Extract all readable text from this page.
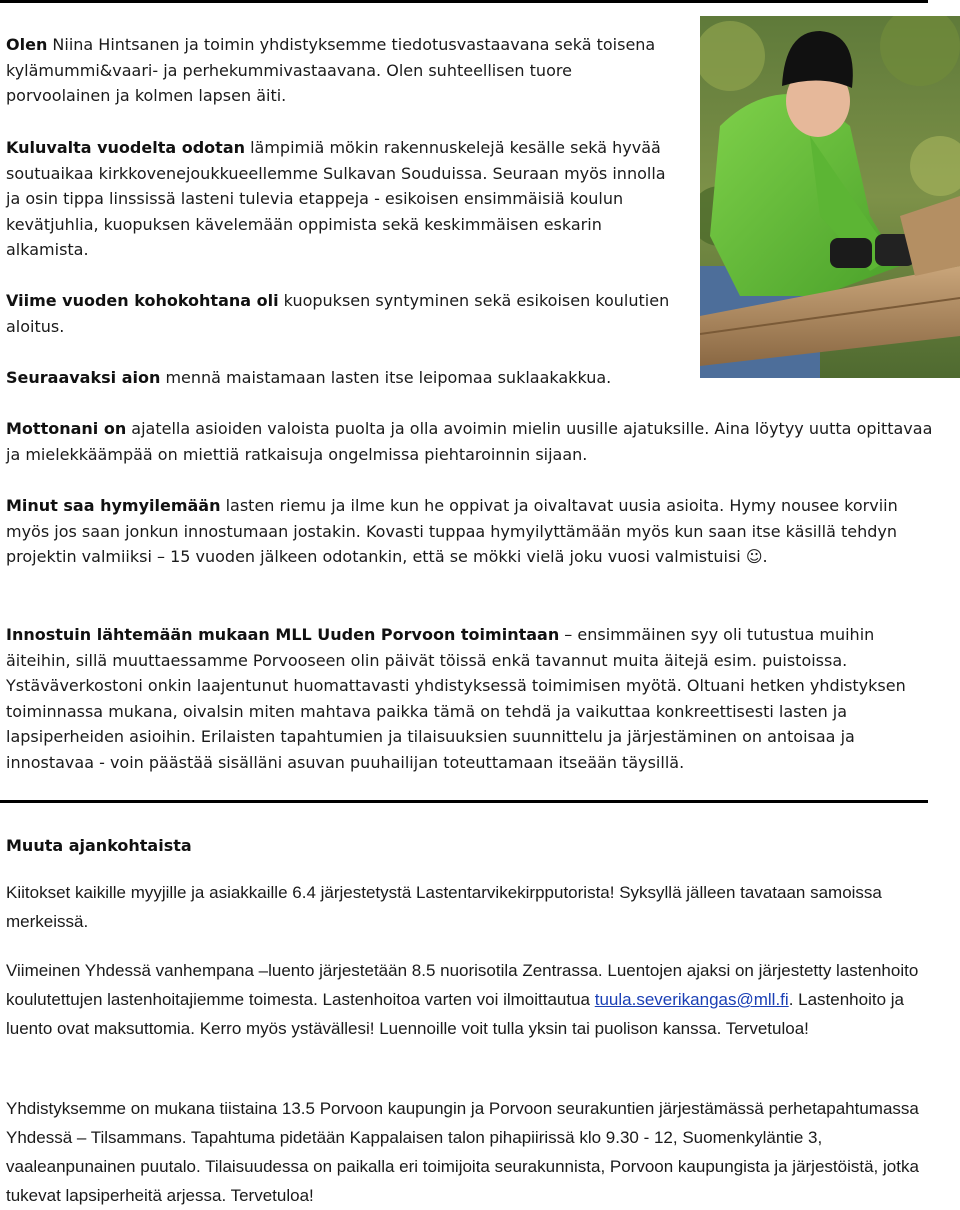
Olen Niina Hintsanen ja toimin yhdistyksemme tiedotusvastaavana sekä toisena kylämummi&vaari- ja perhekummivastaavana. Olen suhteellisen tuore porvoolainen ja kolmen lapsen äiti.

Kuluvalta vuodelta odotan lämpimiä mökin rakennuskelejä kesälle sekä hyvää soutuaikaa kirkkovenejoukkueellemme Sulkavan Souduissa. Seuraan myös innolla ja osin tippa linssissä lasteni tulevia etappeja - esikoisen ensimmäisiä koulun kevätjuhlia, kuopuksen kävelemään oppimista sekä keskimmäisen eskarin alkamista.

Viime vuoden kohokohtana oli kuopuksen syntyminen sekä esikoisen koulutien aloitus.

Seuraavaksi aion mennä maistamaan lasten itse leipomaa suklaakakkua.

Mottonani on ajatella asioiden valoista puolta ja olla avoimin mielin uusille ajatuksille. Aina löytyy uutta opittavaa ja mielekkäämpää on miettiä ratkaisuja ongelmissa piehtaroinnin sijaan.

Minut saa hymyilemään lasten riemu ja ilme kun he oppivat ja oivaltavat uusia asioita. Hymy nousee korviin myös jos saan jonkun innostumaan jostakin. Kovasti tuppaa hymyilyttämään myös kun saan itse käsillä tehdyn projektin valmiiksi – 15 vuoden jälkeen odotankin, että se mökki vielä joku vuosi valmistuisi ☺.

Innostuin lähtemään mukaan MLL Uuden Porvoon toimintaan – ensimmäinen syy oli tutustua muihin äiteihin, sillä muuttaessamme Porvooseen olin päivät töissä enkä tavannut muita äitejä esim. puistoissa. Ystäväverkostoni onkin laajentunut huomattavasti yhdistyksessä toimimisen myötä. Oltuani hetken yhdistyksen toiminnassa mukana, oivalsin miten mahtava paikka tämä on tehdä ja vaikuttaa konkreettisesti lasten ja lapsiperheiden asioihin. Erilaisten tapahtumien ja tilaisuuksien suunnittelu ja järjestäminen on antoisaa ja innostavaa - voin päästää sisälläni asuvan puuhailijan toteuttamaan itseään täysillä.

Muuta ajankohtaista

Kiitokset kaikille myyjille ja asiakkaille 6.4 järjestetystä Lastentarvikekirpputorista! Syksyllä jälleen tavataan samoissa merkeissä.

Viimeinen Yhdessä vanhempana –luento järjestetään 8.5 nuorisotila Zentrassa. Luentojen ajaksi on järjestetty lastenhoito koulutettujen lastenhoitajiemme toimesta. Lastenhoitoa varten voi ilmoittautua tuula.severikangas@mll.fi. Lastenhoito ja luento ovat maksuttomia. Kerro myös ystävällesi! Luennoille voit tulla yksin tai puolison kanssa. Tervetuloa!

Yhdistyksemme on mukana tiistaina 13.5 Porvoon kaupungin ja Porvoon seurakuntien järjestämässä perhetapahtumassa Yhdessä – Tilsammans. Tapahtuma pidetään Kappalaisen talon pihapiirissä klo 9.30 - 12, Suomenkyläntie 3, vaaleanpunainen puutalo. Tilaisuudessa on paikalla eri toimijoita seurakunnista, Porvoon kaupungista ja järjestöistä, jotka tukevat lapsiperheitä arjessa. Tervetuloa!
